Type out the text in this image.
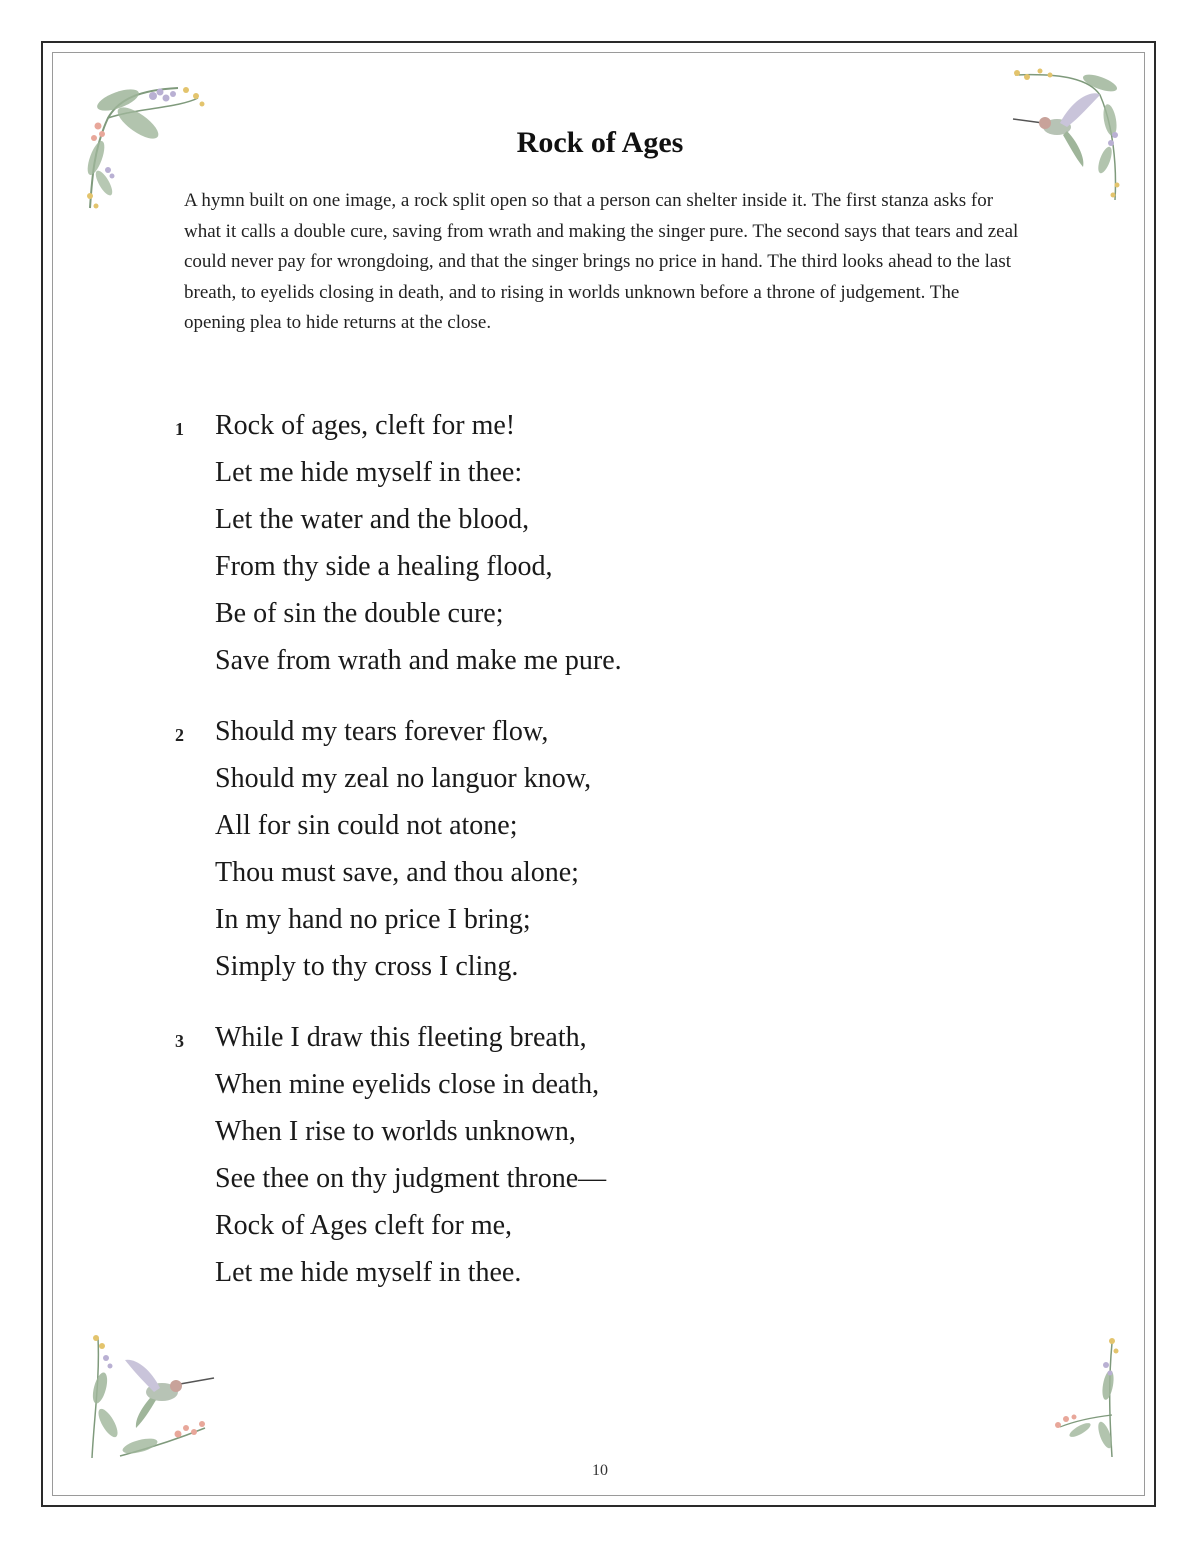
Rock of Ages
A hymn built on one image, a rock split open so that a person can shelter inside it. The first stanza asks for what it calls a double cure, saving from wrath and making the singer pure. The second says that tears and zeal could never pay for wrongdoing, and that the singer brings no price in hand. The third looks ahead to the last breath, to eyelids closing in death, and to rising in worlds unknown before a throne of judgement. The opening plea to hide returns at the close.
1 Rock of ages, cleft for me!
Let me hide myself in thee:
Let the water and the blood,
From thy side a healing flood,
Be of sin the double cure;
Save from wrath and make me pure.
2 Should my tears forever flow,
Should my zeal no languor know,
All for sin could not atone;
Thou must save, and thou alone;
In my hand no price I bring;
Simply to thy cross I cling.
3 While I draw this fleeting breath,
When mine eyelids close in death,
When I rise to worlds unknown,
See thee on thy judgment throne—
Rock of Ages cleft for me,
Let me hide myself in thee.
10
